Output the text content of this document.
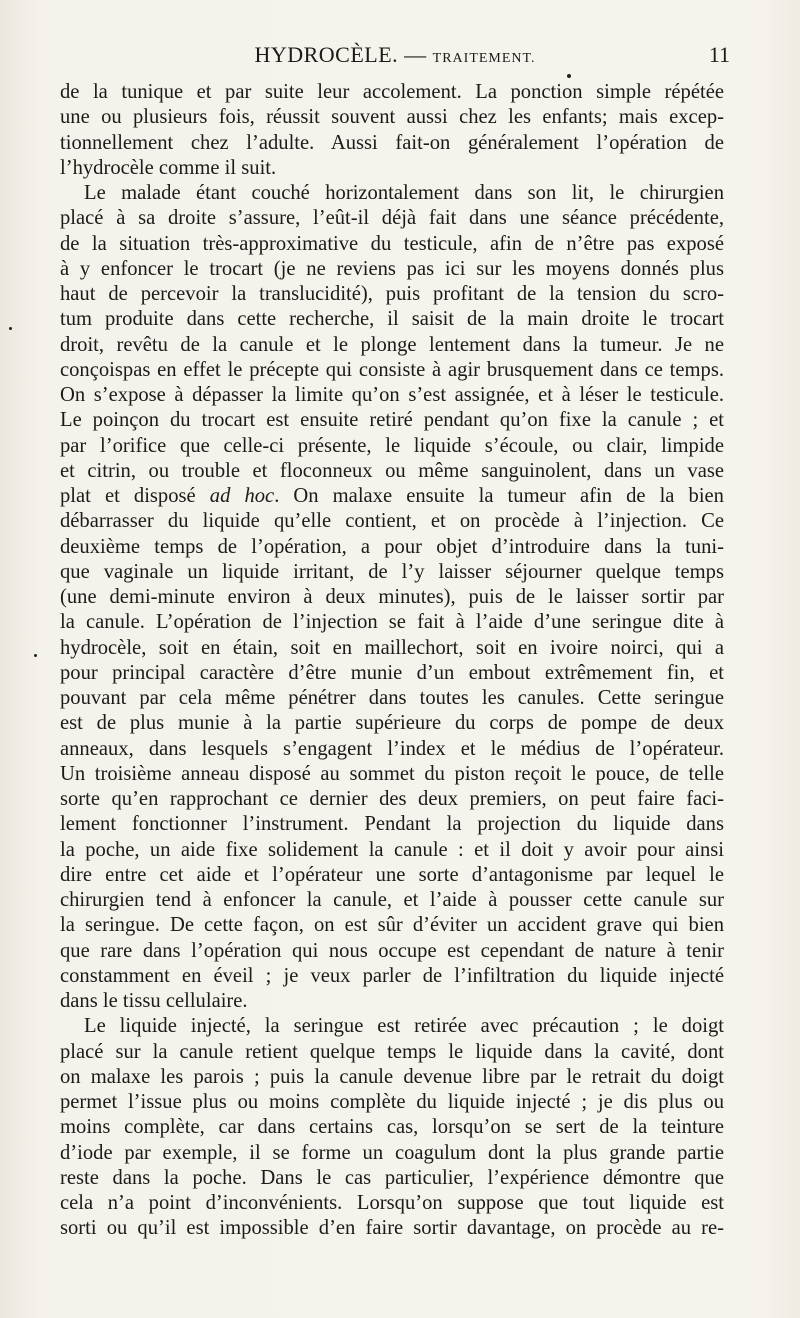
HYDROCÈLE. — TRAITEMENT.	11
de la tunique et par suite leur accolement. La ponction simple répétée
une ou plusieurs fois, réussit souvent aussi chez les enfants; mais excep-
tionnellement chez l’adulte. Aussi fait-on généralement l’opération de
l’hydrocèle comme il suit.
Le malade étant couché horizontalement dans son lit, le chirurgien
placé à sa droite s’assure, l’eût-il déjà fait dans une séance précédente,
de la situation très-approximative du testicule, afin de n’être pas exposé
à y enfoncer le trocart (je ne reviens pas ici sur les moyens donnés plus
haut de percevoir la translucidité), puis profitant de la tension du scro-
tum produite dans cette recherche, il saisit de la main droite le trocart
droit, revêtu de la canule et le plonge lentement dans la tumeur. Je ne
conçoispas en effet le précepte qui consiste à agir brusquement dans ce temps.
On s’expose à dépasser la limite qu’on s’est assignée, et à léser le testicule.
Le poinçon du trocart est ensuite retiré pendant qu’on fixe la canule ; et
par l’orifice que celle-ci présente, le liquide s’écoule, ou clair, limpide
et citrin, ou trouble et floconneux ou même sanguinolent, dans un vase
plat et disposé ad hoc. On malaxe ensuite la tumeur afin de la bien
débarrasser du liquide qu’elle contient, et on procède à l’injection. Ce
deuxième temps de l’opération, a pour objet d’introduire dans la tuni-
que vaginale un liquide irritant, de l’y laisser séjourner quelque temps
(une demi-minute environ à deux minutes), puis de le laisser sortir par
la canule. L’opération de l’injection se fait à l’aide d’une seringue dite à
hydrocèle, soit en étain, soit en maillechort, soit en ivoire noirci, qui a
pour principal caractère d’être munie d’un embout extrêmement fin, et
pouvant par cela même pénétrer dans toutes les canules. Cette seringue
est de plus munie à la partie supérieure du corps de pompe de deux
anneaux, dans lesquels s’engagent l’index et le médius de l’opérateur.
Un troisième anneau disposé au sommet du piston reçoit le pouce, de telle
sorte qu’en rapprochant ce dernier des deux premiers, on peut faire faci-
lement fonctionner l’instrument. Pendant la projection du liquide dans
la poche, un aide fixe solidement la canule : et il doit y avoir pour ainsi
dire entre cet aide et l’opérateur une sorte d’antagonisme par lequel le
chirurgien tend à enfoncer la canule, et l’aide à pousser cette canule sur
la seringue. De cette façon, on est sûr d’éviter un accident grave qui bien
que rare dans l’opération qui nous occupe est cependant de nature à tenir
constamment en éveil ; je veux parler de l’infiltration du liquide injecté
dans le tissu cellulaire.
Le liquide injecté, la seringue est retirée avec précaution ; le doigt
placé sur la canule retient quelque temps le liquide dans la cavité, dont
on malaxe les parois ; puis la canule devenue libre par le retrait du doigt
permet l’issue plus ou moins complète du liquide injecté ; je dis plus ou
moins complète, car dans certains cas, lorsqu’on se sert de la teinture
d’iode par exemple, il se forme un coagulum dont la plus grande partie
reste dans la poche. Dans le cas particulier, l’expérience démontre que
cela n’a point d’inconvénients. Lorsqu’on suppose que tout liquide est
sorti ou qu’il est impossible d’en faire sortir davantage, on procède au re-
